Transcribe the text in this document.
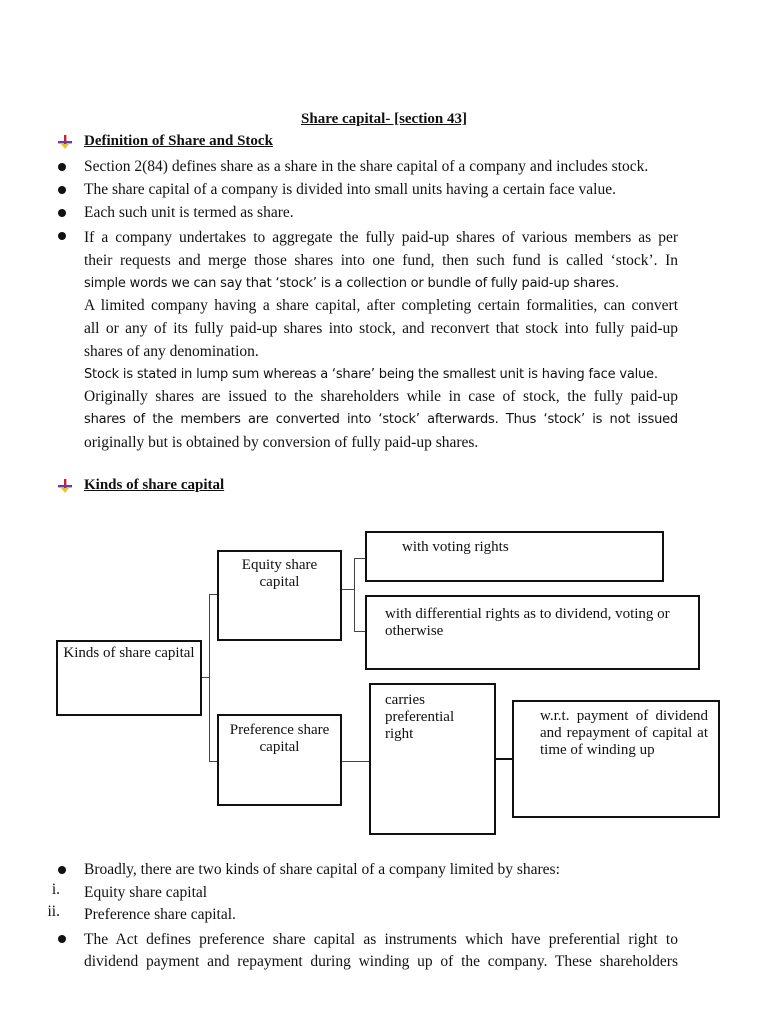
Share capital- [section 43]
Definition of Share and Stock
Section 2(84) defines share as a share in the share capital of a company and includes stock.
The share capital of a company is divided into small units having a certain face value.
Each such unit is termed as share.
If a company undertakes to aggregate the fully paid-up shares of various members as per
their requests and merge those shares into one fund, then such fund is called ‘stock’. In
simple words we can say that ‘stock’ is a collection or bundle of fully paid-up shares.
A limited company having a share capital, after completing certain formalities, can convert
all or any of its fully paid-up shares into stock, and reconvert that stock into fully paid-up
shares of any denomination.
Stock is stated in lump sum whereas a ‘share’ being the smallest unit is having face value.
Originally shares are issued to the shareholders while in case of stock, the fully paid-up
shares of the members are converted into ‘stock’ afterwards. Thus ‘stock’ is not issued
originally but is obtained by conversion of fully paid-up shares.
Kinds of share capital
Kinds of share capital
Equity share capital
Preference share capital
with voting rights
with differential rights as to dividend, voting or otherwise
carries preferential right
w.r.t. payment of dividend and repayment of capital at time of winding up
Broadly, there are two kinds of share capital of a company limited by shares:
i. Equity share capital
ii. Preference share capital.
The Act defines preference share capital as instruments which have preferential right to
dividend payment and repayment during winding up of the company. These shareholders
